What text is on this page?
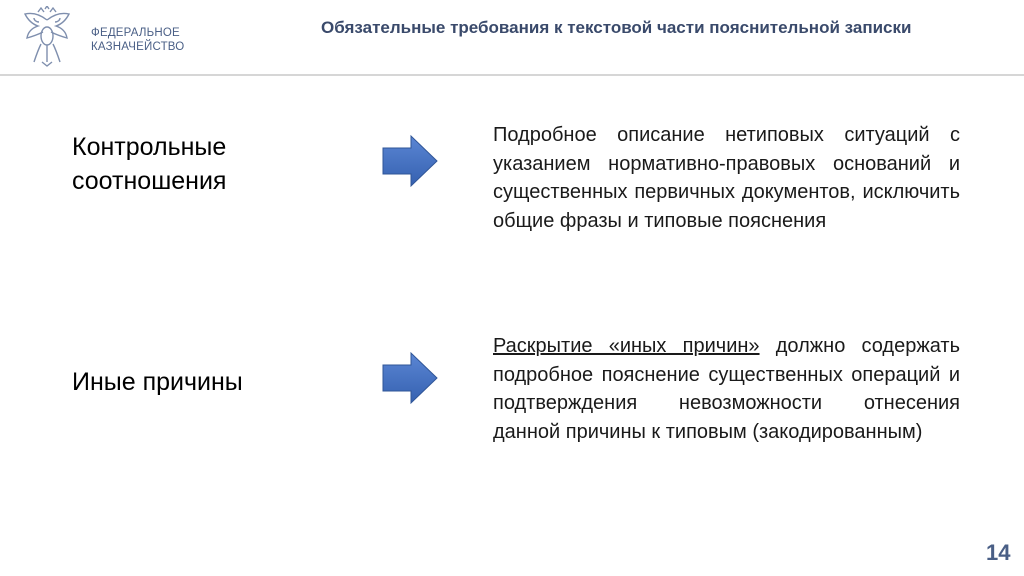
ФЕДЕРАЛЬНОЕ
КАЗНАЧЕЙСТВО
Обязательные требования к текстовой части пояснительной записки
Контрольные
соотношения
Подробное описание нетиповых ситуаций с указанием нормативно-правовых оснований и существенных первичных документов, исключить общие фразы и типовые пояснения
Иные причины
Раскрытие «иных причин» должно содержать подробное пояснение существенных операций и подтверждения невозможности отнесения данной причины к типовым (закодированным)
14
